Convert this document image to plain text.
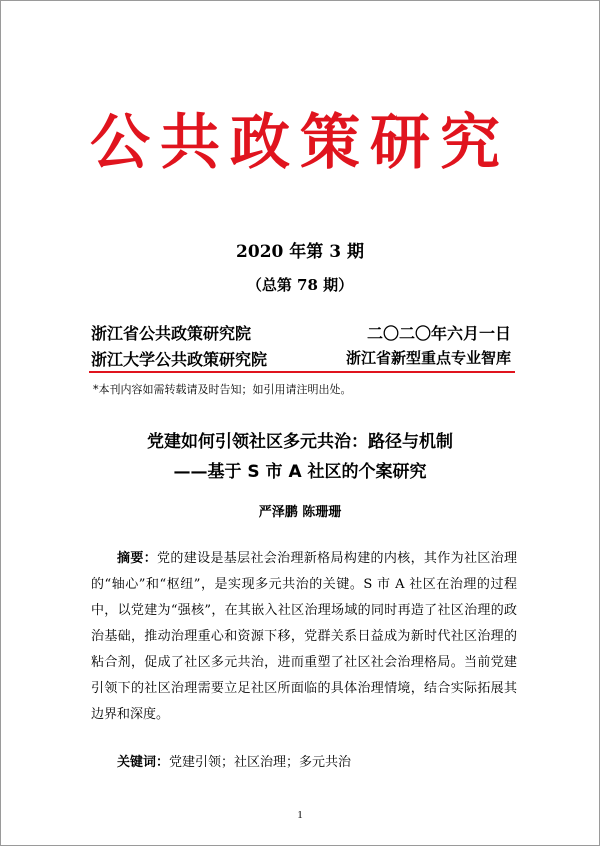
公共政策研究
2020 年第 3 期
（总第 78 期）
浙江省公共政策研究院	二〇二〇年六月一日
浙江大学公共政策研究院	浙江省新型重点专业智库
*本刊内容如需转载请及时告知；如引用请注明出处。
党建如何引领社区多元共治：路径与机制
——基于 S 市 A 社区的个案研究
严泽鹏 陈珊珊
摘要：党的建设是基层社会治理新格局构建的内核，其作为社区治理的“轴心”和“枢纽”，是实现多元共治的关键。S 市 A 社区在治理的过程中，以党建为“强核”，在其嵌入社区治理场域的同时再造了社区治理的政治基础，推动治理重心和资源下移，党群关系日益成为新时代社区治理的粘合剂，促成了社区多元共治，进而重塑了社区社会治理格局。当前党建引领下的社区治理需要立足社区所面临的具体治理情境，结合实际拓展其边界和深度。
关键词：党建引领；社区治理；多元共治
1
